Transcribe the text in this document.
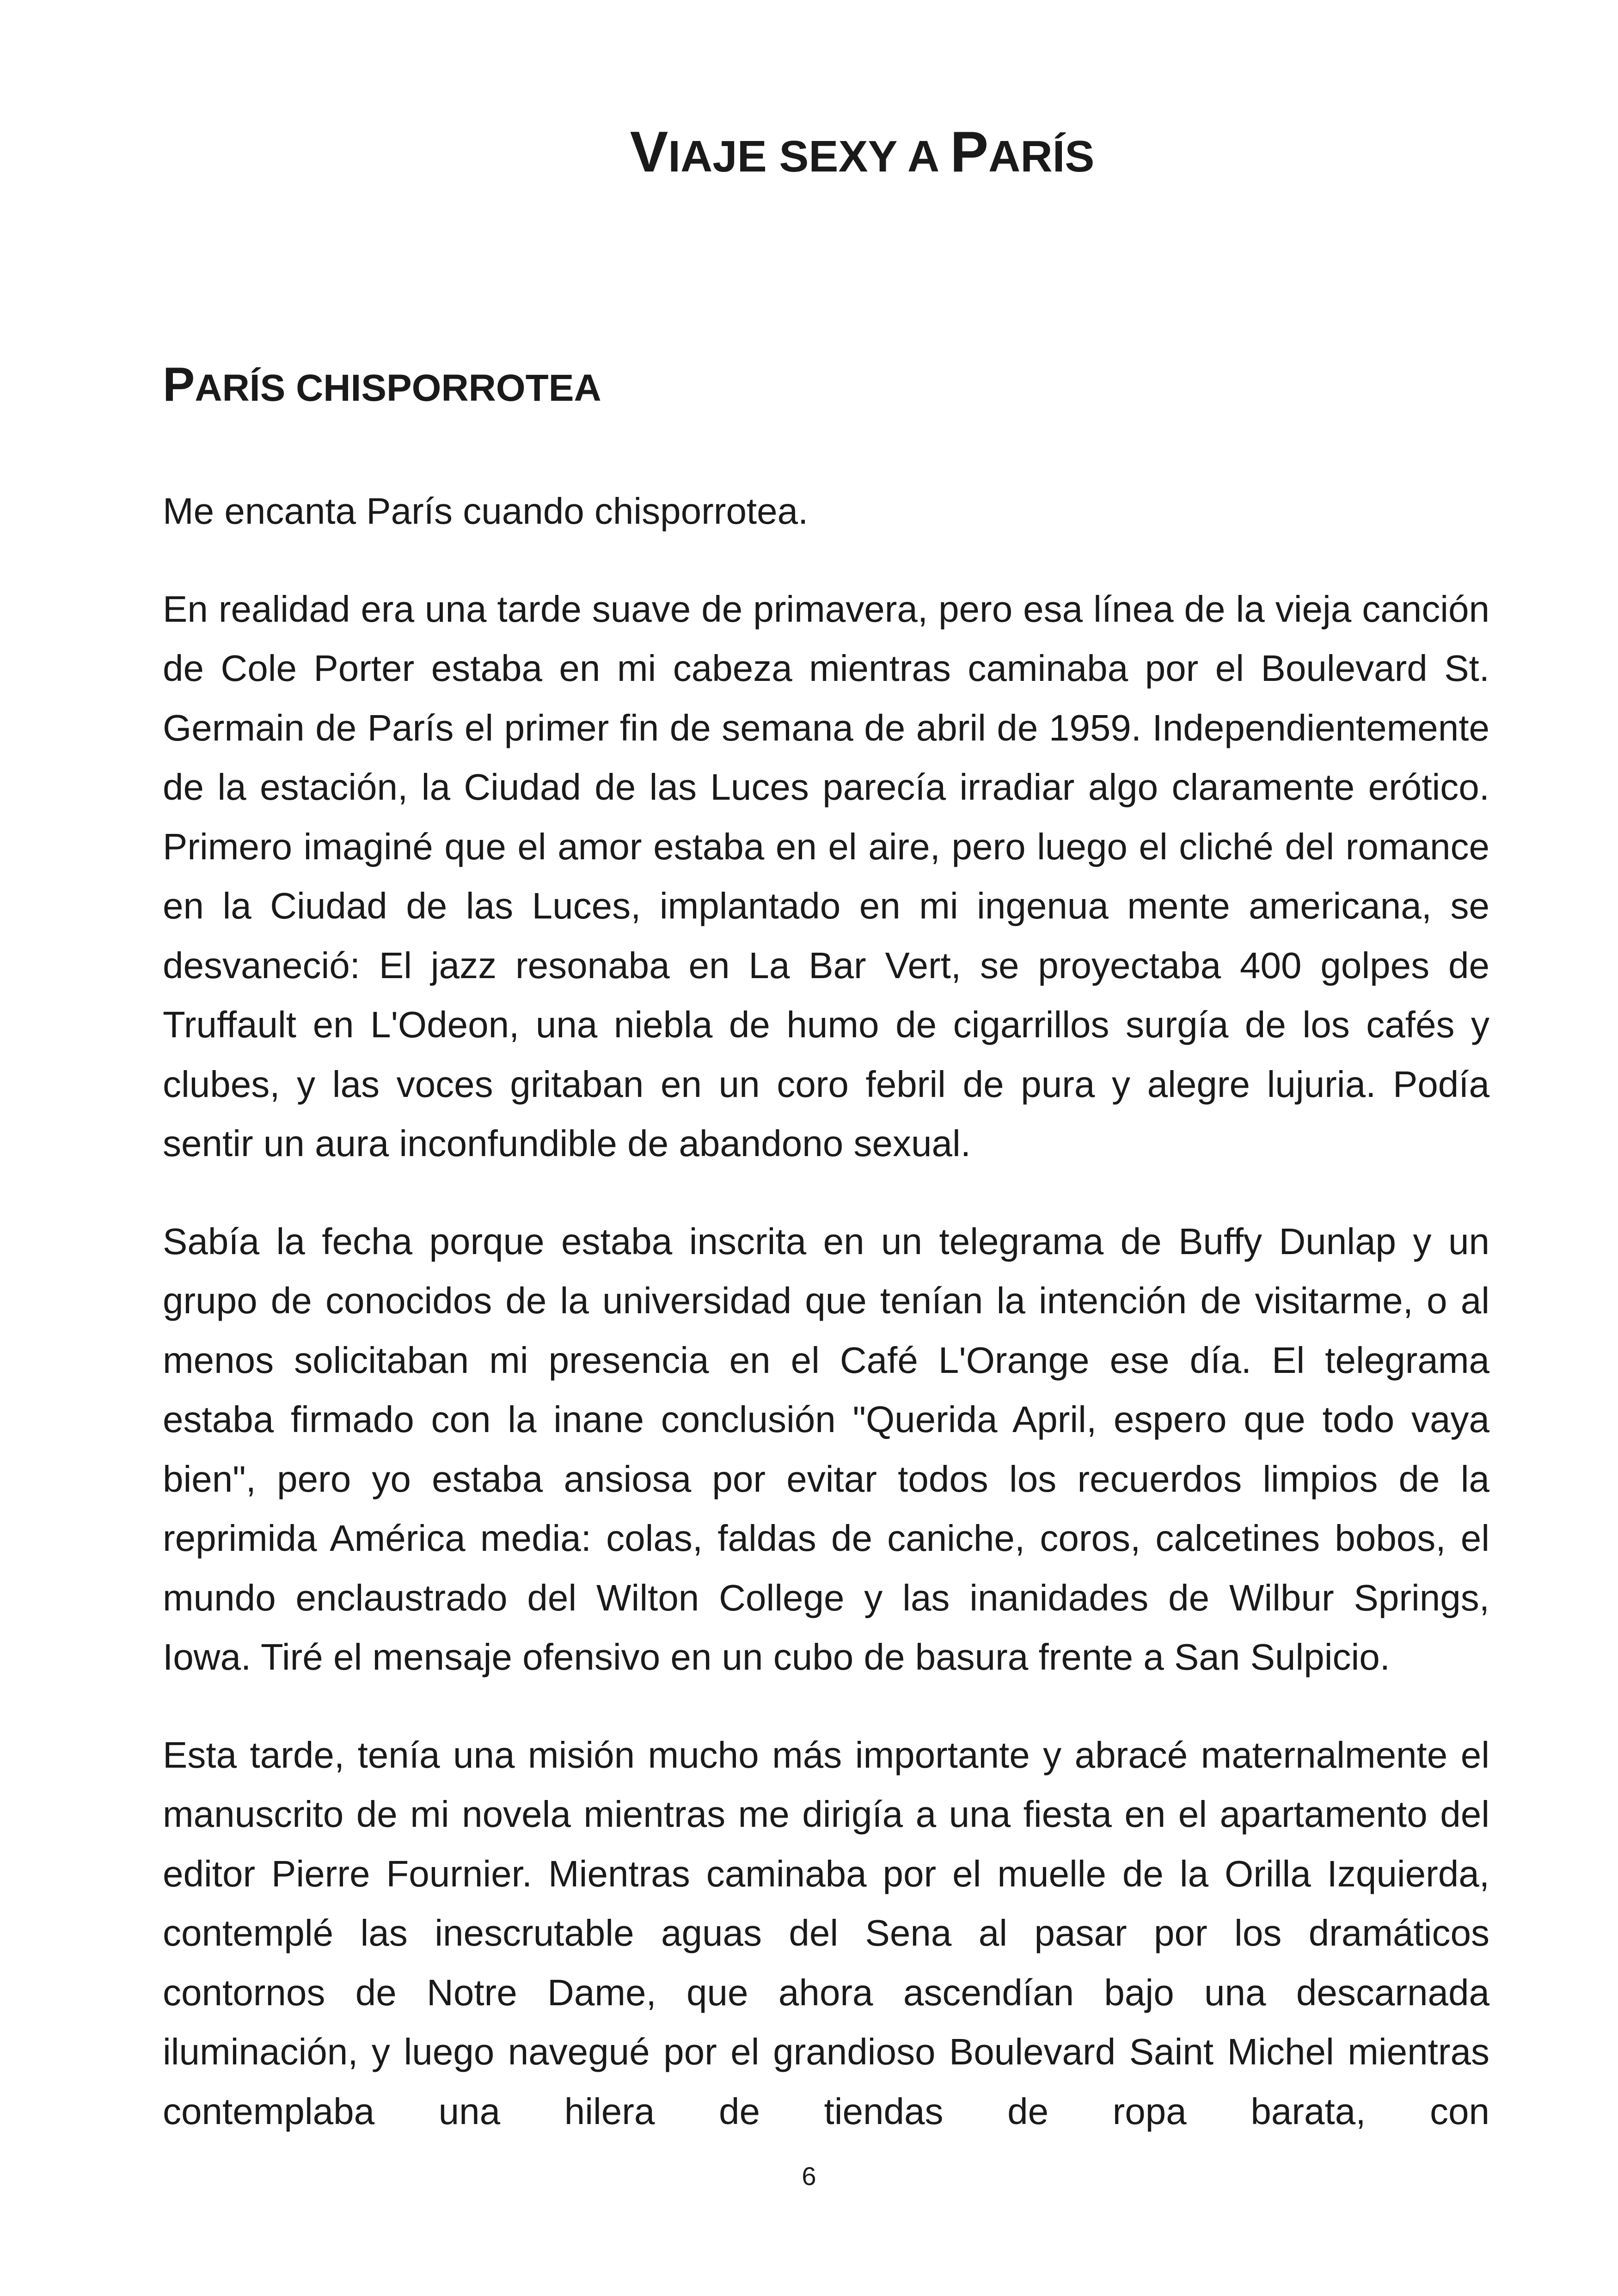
VIAJE SEXY A PARÍS
PARÍS CHISPORROTEA

Me encanta París cuando chisporrotea.

En realidad era una tarde suave de primavera, pero esa línea de la vieja canción de Cole Porter estaba en mi cabeza mientras caminaba por el Boulevard St. Germain de París el primer fin de semana de abril de 1959. Independientemente de la estación, la Ciudad de las Luces parecía irradiar algo claramente erótico. Primero imaginé que el amor estaba en el aire, pero luego el cliché del romance en la Ciudad de las Luces, implantado en mi ingenua mente americana, se desvaneció: El jazz resonaba en La Bar Vert, se proyectaba 400 golpes de Truffault en L'Odeon, una niebla de humo de cigarrillos surgía de los cafés y clubes, y las voces gritaban en un coro febril de pura y alegre lujuria. Podía sentir un aura inconfundible de abandono sexual.

Sabía la fecha porque estaba inscrita en un telegrama de Buffy Dunlap y un grupo de conocidos de la universidad que tenían la intención de visitarme, o al menos solicitaban mi presencia en el Café L'Orange ese día. El telegrama estaba firmado con la inane conclusión "Querida April, espero que todo vaya bien", pero yo estaba ansiosa por evitar todos los recuerdos limpios de la reprimida América media: colas, faldas de caniche, coros, calcetines bobos, el mundo enclaustrado del Wilton College y las inanidades de Wilbur Springs, Iowa. Tiré el mensaje ofensivo en un cubo de basura frente a San Sulpicio.

Esta tarde, tenía una misión mucho más importante y abracé maternalmente el manuscrito de mi novela mientras me dirigía a una fiesta en el apartamento del editor Pierre Fournier. Mientras caminaba por el muelle de la Orilla Izquierda, contemplé las inescrutable aguas del Sena al pasar por los dramáticos contornos de Notre Dame, que ahora ascendían bajo una descarnada iluminación, y luego navegué por el grandioso Boulevard Saint Michel mientras contemplaba una hilera de tiendas de ropa barata, con

6
